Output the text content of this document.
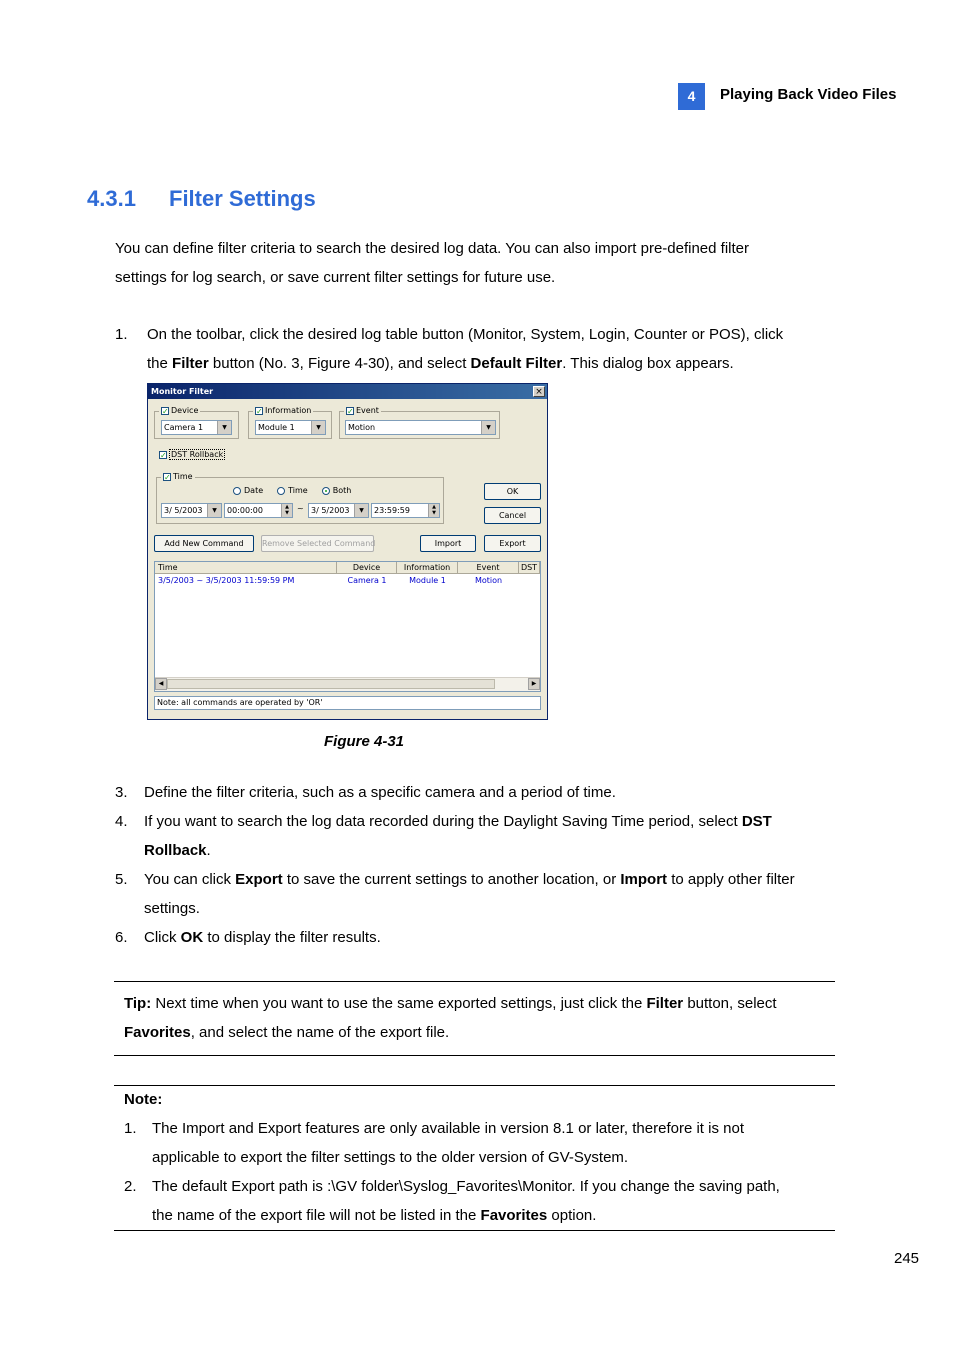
4	Playing Back Video Files
4.3.1 Filter Settings
You can define filter criteria to search the desired log data. You can also import pre-defined filter
settings for log search, or save current filter settings for future use.
1.	On the toolbar, click the desired log table button (Monitor, System, Login, Counter or POS), click
the Filter button (No. 3, Figure 4-30), and select Default Filter. This dialog box appears.
Monitor Filter	×
✓ Device
Camera 1	▼
✓ Information
Module 1	▼
✓ Event
Motion	▼
✓ DST Rollback
✓ Time
Date	Time	Both
3/ 5/2003	▼	00:00:00	▲
▼	~ 3/ 5/2003	▼	23:59:59	▲
▼
OK
Cancel
Add New Command	Remove Selected Command	Import	Export
Time	Device	Information	Event	DST
3/5/2003 ~ 3/5/2003 11:59:59 PM	Camera 1	Module 1	Motion
◀	▶
Note: all commands are operated by 'OR'
Figure 4-31
3.	Define the filter criteria, such as a specific camera and a period of time.
4.	If you want to search the log data recorded during the Daylight Saving Time period, select DST
Rollback.
5.	You can click Export to save the current settings to another location, or Import to apply other filter
settings.
6.	Click OK to display the filter results.
Tip: Next time when you want to use the same exported settings, just click the Filter button, select
Favorites, and select the name of the export file.
Note:
1.	The Import and Export features are only available in version 8.1 or later, therefore it is not
applicable to export the filter settings to the older version of GV-System.
2.	The default Export path is :\GV folder\Syslog_Favorites\Monitor. If you change the saving path,
the name of the export file will not be listed in the Favorites option.
245
